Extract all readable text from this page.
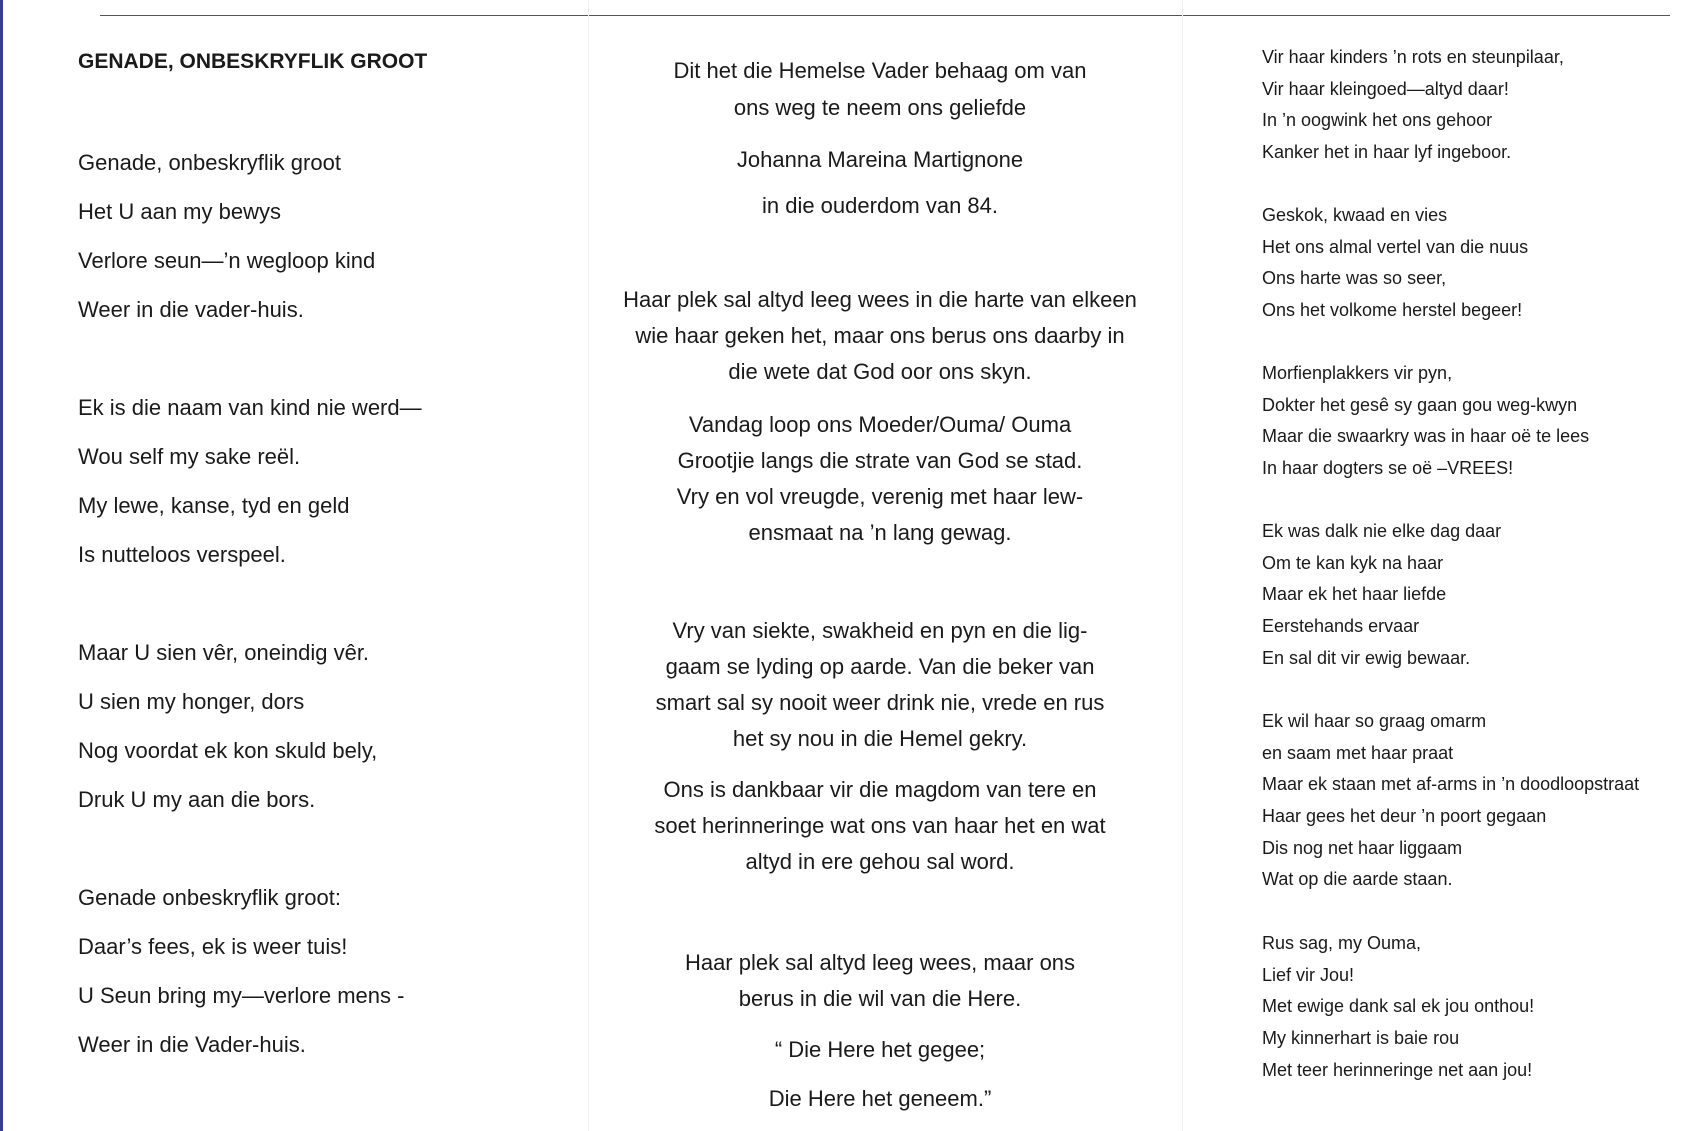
GENADE, ONBESKRYFLIK GROOT
Genade, onbeskryflik groot
Het U aan my bewys
Verlore seun—’n wegloop kind
Weer in die vader-huis.
Ek is die naam van kind nie werd—
Wou self my sake reël.
My lewe, kanse, tyd en geld
Is nutteloos verspeel.
Maar U sien vêr, oneindig vêr.
U sien my honger, dors
Nog voordat ek kon skuld bely,
Druk U my aan die bors.
Genade onbeskryflik groot:
Daar’s fees, ek is weer tuis!
U Seun bring my—verlore mens -
Weer in die Vader-huis.

Dit het die Hemelse Vader behaag om van ons weg te neem ons geliefde

Johanna Mareina Martignone

in die ouderdom van 84.

Haar plek sal altyd leeg wees in die harte van elkeen wie haar geken het, maar ons berus ons daarby in die wete dat God oor ons skyn.

Vandag loop ons Moeder/Ouma/ Ouma Grootjie langs die strate van God se stad. Vry en vol vreugde, verenig met haar lew-ensmaat na ’n lang gewag.

Vry van siekte, swakheid en pyn en die lig-gaam se lyding op aarde. Van die beker van smart sal sy nooit weer drink nie, vrede en rus het sy nou in die Hemel gekry.

Ons is dankbaar vir die magdom van tere en soet herinneringe wat ons van haar het en wat altyd in ere gehou sal word.

Haar plek sal altyd leeg wees, maar ons berus in die wil van die Here.

“ Die Here het gegee;

Die Here het geneem.”

Vir haar kinders ’n rots en steunpilaar,
Vir haar kleingoed—altyd daar!
In ’n oogwink het ons gehoor
Kanker het in haar lyf ingeboor.
Geskok, kwaad en vies
Het ons almal vertel van die nuus
Ons harte was so seer,
Ons het volkome herstel begeer!
Morfienplakkers vir pyn,
Dokter het gesê sy gaan gou weg-kwyn
Maar die swaarkry was in haar oë te lees
In haar dogters se oë –VREES!
Ek was dalk nie elke dag daar
Om te kan kyk na haar
Maar ek het haar liefde
Eerstehands ervaar
En sal dit vir ewig bewaar.
Ek wil haar so graag omarm
en saam met haar praat
Maar ek staan met af-arms in ’n doodloopstraat
Haar gees het deur ’n poort gegaan
Dis nog net haar liggaam
Wat op die aarde staan.
Rus sag, my Ouma,
Lief vir Jou!
Met ewige dank sal ek jou onthou!
My kinnerhart is baie rou
Met teer herinneringe net aan jou!
